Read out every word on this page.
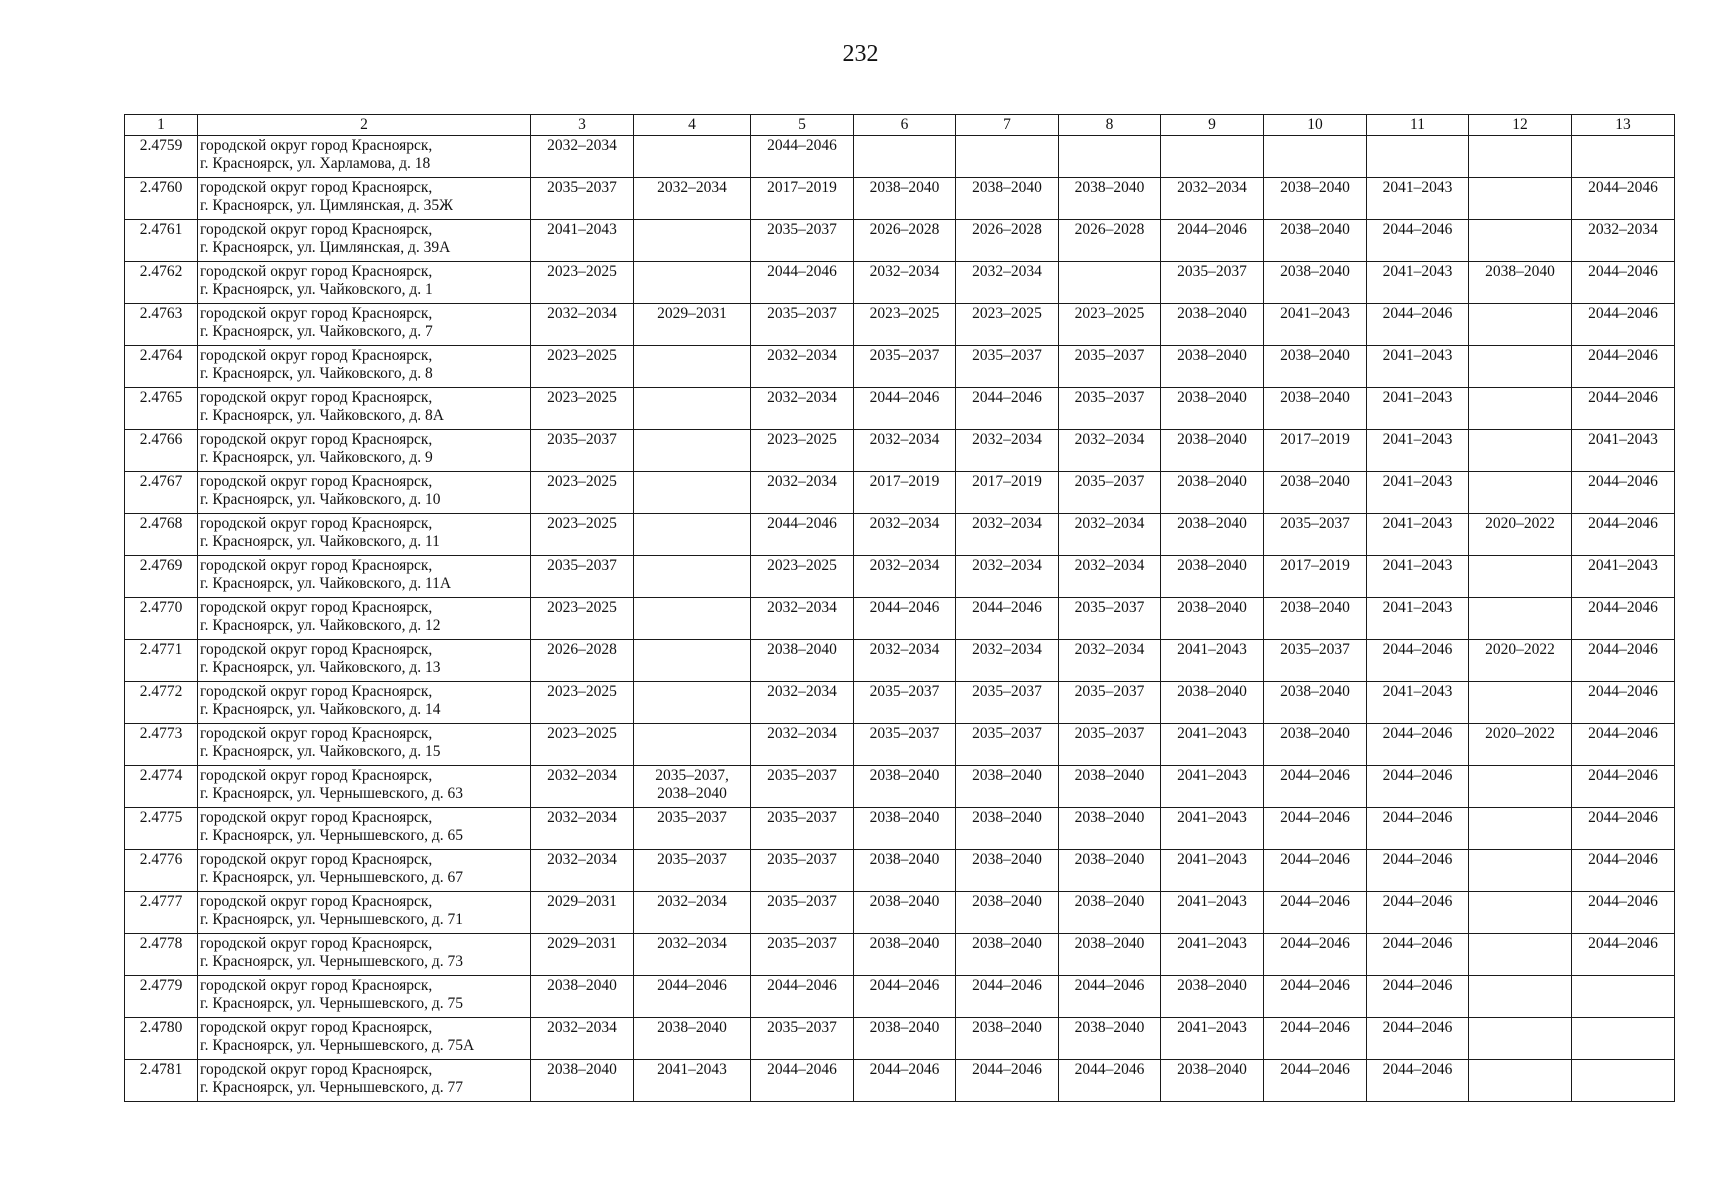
232
1	2	3	4	5	6	7	8	9	10	11	12	13
2.4759	городской округ город Красноярск,
г. Красноярск, ул. Харламова, д. 18	2032–2034		2044–2046								
2.4760	городской округ город Красноярск,
г. Красноярск, ул. Цимлянская, д. 35Ж	2035–2037	2032–2034	2017–2019	2038–2040	2038–2040	2038–2040	2032–2034	2038–2040	2041–2043		2044–2046
2.4761	городской округ город Красноярск,
г. Красноярск, ул. Цимлянская, д. 39А	2041–2043		2035–2037	2026–2028	2026–2028	2026–2028	2044–2046	2038–2040	2044–2046		2032–2034
2.4762	городской округ город Красноярск,
г. Красноярск, ул. Чайковского, д. 1	2023–2025		2044–2046	2032–2034	2032–2034		2035–2037	2038–2040	2041–2043	2038–2040	2044–2046
2.4763	городской округ город Красноярск,
г. Красноярск, ул. Чайковского, д. 7	2032–2034	2029–2031	2035–2037	2023–2025	2023–2025	2023–2025	2038–2040	2041–2043	2044–2046		2044–2046
2.4764	городской округ город Красноярск,
г. Красноярск, ул. Чайковского, д. 8	2023–2025		2032–2034	2035–2037	2035–2037	2035–2037	2038–2040	2038–2040	2041–2043		2044–2046
2.4765	городской округ город Красноярск,
г. Красноярск, ул. Чайковского, д. 8А	2023–2025		2032–2034	2044–2046	2044–2046	2035–2037	2038–2040	2038–2040	2041–2043		2044–2046
2.4766	городской округ город Красноярск,
г. Красноярск, ул. Чайковского, д. 9	2035–2037		2023–2025	2032–2034	2032–2034	2032–2034	2038–2040	2017–2019	2041–2043		2041–2043
2.4767	городской округ город Красноярск,
г. Красноярск, ул. Чайковского, д. 10	2023–2025		2032–2034	2017–2019	2017–2019	2035–2037	2038–2040	2038–2040	2041–2043		2044–2046
2.4768	городской округ город Красноярск,
г. Красноярск, ул. Чайковского, д. 11	2023–2025		2044–2046	2032–2034	2032–2034	2032–2034	2038–2040	2035–2037	2041–2043	2020–2022	2044–2046
2.4769	городской округ город Красноярск,
г. Красноярск, ул. Чайковского, д. 11А	2035–2037		2023–2025	2032–2034	2032–2034	2032–2034	2038–2040	2017–2019	2041–2043		2041–2043
2.4770	городской округ город Красноярск,
г. Красноярск, ул. Чайковского, д. 12	2023–2025		2032–2034	2044–2046	2044–2046	2035–2037	2038–2040	2038–2040	2041–2043		2044–2046
2.4771	городской округ город Красноярск,
г. Красноярск, ул. Чайковского, д. 13	2026–2028		2038–2040	2032–2034	2032–2034	2032–2034	2041–2043	2035–2037	2044–2046	2020–2022	2044–2046
2.4772	городской округ город Красноярск,
г. Красноярск, ул. Чайковского, д. 14	2023–2025		2032–2034	2035–2037	2035–2037	2035–2037	2038–2040	2038–2040	2041–2043		2044–2046
2.4773	городской округ город Красноярск,
г. Красноярск, ул. Чайковского, д. 15	2023–2025		2032–2034	2035–2037	2035–2037	2035–2037	2041–2043	2038–2040	2044–2046	2020–2022	2044–2046
2.4774	городской округ город Красноярск,
г. Красноярск, ул. Чернышевского, д. 63	2032–2034	2035–2037,
2038–2040	2035–2037	2038–2040	2038–2040	2038–2040	2041–2043	2044–2046	2044–2046		2044–2046
2.4775	городской округ город Красноярск,
г. Красноярск, ул. Чернышевского, д. 65	2032–2034	2035–2037	2035–2037	2038–2040	2038–2040	2038–2040	2041–2043	2044–2046	2044–2046		2044–2046
2.4776	городской округ город Красноярск,
г. Красноярск, ул. Чернышевского, д. 67	2032–2034	2035–2037	2035–2037	2038–2040	2038–2040	2038–2040	2041–2043	2044–2046	2044–2046		2044–2046
2.4777	городской округ город Красноярск,
г. Красноярск, ул. Чернышевского, д. 71	2029–2031	2032–2034	2035–2037	2038–2040	2038–2040	2038–2040	2041–2043	2044–2046	2044–2046		2044–2046
2.4778	городской округ город Красноярск,
г. Красноярск, ул. Чернышевского, д. 73	2029–2031	2032–2034	2035–2037	2038–2040	2038–2040	2038–2040	2041–2043	2044–2046	2044–2046		2044–2046
2.4779	городской округ город Красноярск,
г. Красноярск, ул. Чернышевского, д. 75	2038–2040	2044–2046	2044–2046	2044–2046	2044–2046	2044–2046	2038–2040	2044–2046	2044–2046		
2.4780	городской округ город Красноярск,
г. Красноярск, ул. Чернышевского, д. 75А	2032–2034	2038–2040	2035–2037	2038–2040	2038–2040	2038–2040	2041–2043	2044–2046	2044–2046		
2.4781	городской округ город Красноярск,
г. Красноярск, ул. Чернышевского, д. 77	2038–2040	2041–2043	2044–2046	2044–2046	2044–2046	2044–2046	2038–2040	2044–2046	2044–2046		
